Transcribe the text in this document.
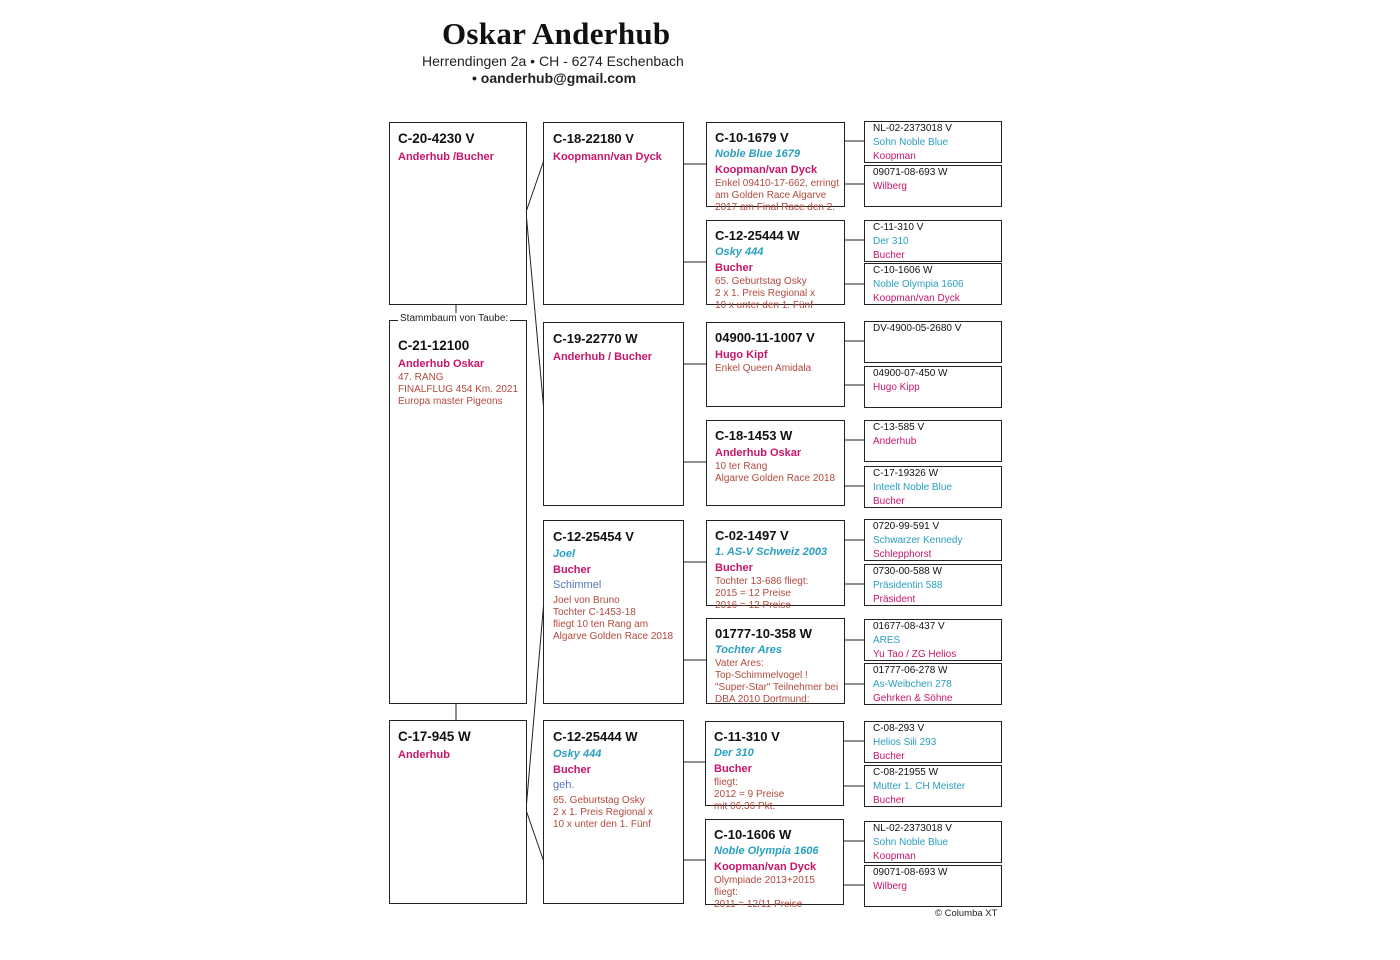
Oskar Anderhub
Herrendingen 2a • CH - 6274 Eschenbach
• oanderhub@gmail.com
C-20-4230 V
Anderhub /Bucher
C-21-12100
Anderhub Oskar
47. RANG
FINALFLUG 454 Km. 2021
Europa master Pigeons
Stammbaum von Taube:
C-17-945 W
Anderhub
C-18-22180 V
Koopmann/van Dyck
C-19-22770 W
Anderhub / Bucher
C-12-25454 V
Joel
Bucher
Schimmel
Joel von Bruno
Tochter C-1453-18
fliegt 10 ten Rang am
Algarve Golden Race 2018
C-12-25444 W
Osky 444
Bucher
geh.
65. Geburtstag Osky
2 x 1. Preis Regional x
10 x unter den 1. Fünf
C-10-1679 V
Noble Blue 1679
Koopman/van Dyck
Enkel 09410-17-662, erringt
am Golden Race Algarve
2017 am Final Race den 2.
C-12-25444 W
Osky 444
Bucher
65. Geburtstag Osky
2 x 1. Preis Regional x
10 x unter den 1. Fünf
04900-11-1007 V
Hugo Kipf
Enkel Queen Amidala
C-18-1453 W
Anderhub Oskar
10 ter Rang
Algarve Golden Race 2018
C-02-1497 V
1. AS-V Schweiz 2003
Bucher
Tochter 13-686 fliegt:
2015 = 12 Preise
2016 = 12 Preise
01777-10-358 W
Tochter Ares
Vater Ares:
Top-Schimmelvogel !
"Super-Star" Teilnehmer bei
DBA 2010 Dortmund:
C-11-310 V
Der 310
Bucher
fliegt:
2012 = 9 Preise
mit 06.36 Pkt.
C-10-1606 W
Noble Olympia 1606
Koopman/van Dyck
Olympiade 2013+2015
fliegt:
2011 = 12/11 Preise
NL-02-2373018 V
Sohn Noble Blue
Koopman
09071-08-693 W
Wilberg
C-11-310 V
Der 310
Bucher
C-10-1606 W
Noble Olympia 1606
Koopman/van Dyck
DV-4900-05-2680 V
04900-07-450 W
Hugo Kipp
C-13-585 V
Anderhub
C-17-19326 W
Inteelt Noble Blue
Bucher
0720-99-591 V
Schwarzer Kennedy
Schlepphorst
0730-00-588 W
Präsidentin 588
Präsident
01677-08-437 V
ARES
Yu Tao / ZG Helios
01777-06-278 W
As-Weibchen 278
Gehrken & Söhne
C-08-293 V
Helios Sili 293
Bucher
C-08-21955 W
Mutter 1. CH Meister
Bucher
NL-02-2373018 V
Sohn Noble Blue
Koopman
09071-08-693 W
Wilberg
© Columba XT
